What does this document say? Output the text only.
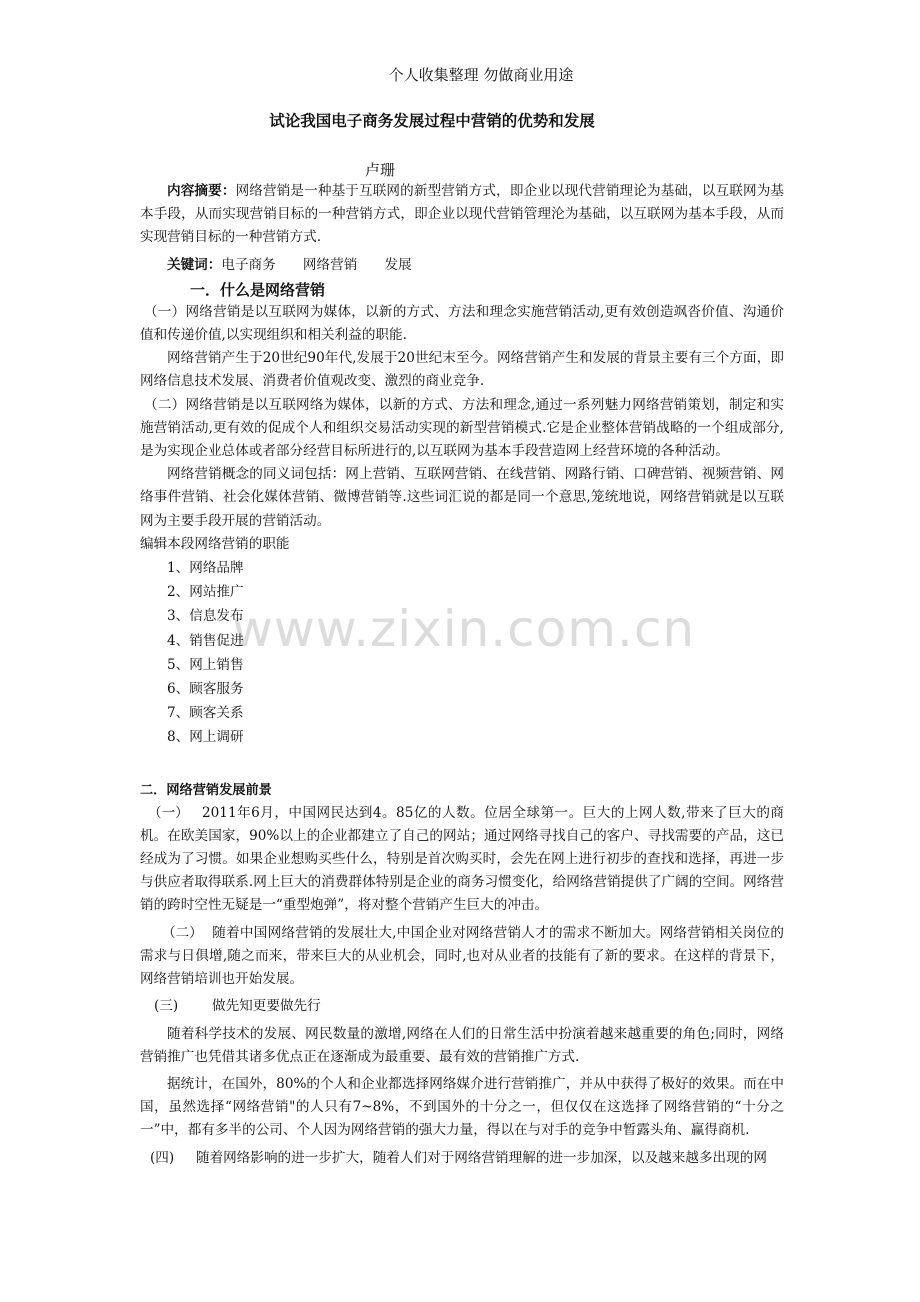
www.zixin.com.cn
个人收集整理 勿做商业用途
试论我国电子商务发展过程中营销的优势和发展
卢珊

内容摘要：网络营销是一种基于互联网的新型营销方式，即企业以现代营销理论为基础，以互联网为基本手段，从而实现营销目标的一种营销方式，即企业以现代营销管理沦为基础，以互联网为基本手段，从而实现营销目标的一种营销方式.

关键词：电子商务　　网络营销　　发展

一．什么是网络营销

（一）网络营销是以互联网为媒体，以新的方式、方法和理念实施营销活动,更有效创造飒沓价值、沟通价值和传递价值,以实现组织和相关利益的职能.

网络营销产生于20世纪90年代,发展于20世纪末至今。网络营销产生和发展的背景主要有三个方面，即网络信息技术发展、消费者价值观改变、激烈的商业竞争.

（二）网络营销是以互联网络为媒体，以新的方式、方法和理念,通过一系列魅力网络营销策划，制定和实施营销活动,更有效的促成个人和组织交易活动实现的新型营销模式.它是企业整体营销战略的一个组成部分,是为实现企业总体或者部分经营目标所进行的,以互联网为基本手段营造网上经营环境的各种活动。

网络营销概念的同义词包括：网上营销、互联网营销、在线营销、网路行销、口碑营销、视频营销、网络事件营销、社会化媒体营销、微博营销等.这些词汇说的都是同一个意思,笼统地说，网络营销就是以互联网为主要手段开展的营销活动。

编辑本段网络营销的职能

1、网络品牌
2、网站推广
3、信息发布
4、销售促进
5、网上销售
6、顾客服务
7、顾客关系
8、网上调研
二．网络营销发展前景

（一） 2011年6月，中国网民达到4。85亿的人数。位居全球第一。巨大的上网人数,带来了巨大的商机。在欧美国家，90%以上的企业都建立了自己的网站；通过网络寻找自己的客户、寻找需要的产品，这已经成为了习惯。如果企业想购买些什么，特别是首次购买时，会先在网上进行初步的查找和选择，再进一步与供应者取得联系.网上巨大的消费群体特别是企业的商务习惯变化，给网络营销提供了广阔的空间。网络营销的跨时空性无疑是一“重型炮弹”，将对整个营销产生巨大的冲击。

（二） 随着中国网络营销的发展壮大,中国企业对网络营销人才的需求不断加大。网络营销相关岗位的需求与日俱增,随之而来，带来巨大的从业机会，同时,也对从业者的技能有了新的要求。在这样的背景下，网络营销培训也开始发展。

(三) 做先知更要做先行

随着科学技术的发展、网民数量的激增,网络在人们的日常生活中扮演着越来越重要的角色;同时，网络营销推广也凭借其诸多优点正在逐渐成为最重要、最有效的营销推广方式.

据统计，在国外，80%的个人和企业都选择网络媒介进行营销推广，并从中获得了极好的效果。而在中国，虽然选择“网络营销"的人只有7~8%，不到国外的十分之一，但仅仅在这选择了网络营销的“十分之一”中，都有多半的公司、个人因为网络营销的强大力量，得以在与对手的竞争中暂露头角、赢得商机.

(四) 随着网络影响的进一步扩大，随着人们对于网络营销理解的进一步加深，以及越来越多出现的网
